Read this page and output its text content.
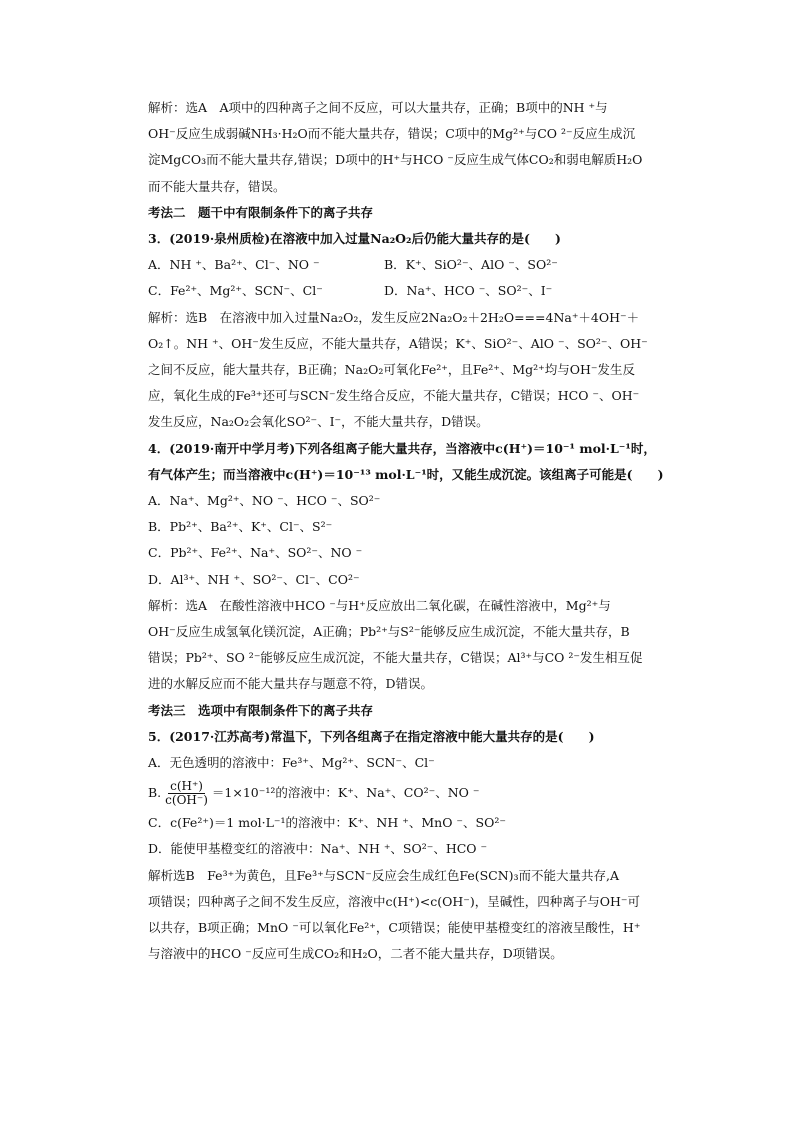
解析：选A　A项中的四种离子之间不反应，可以大量共存，正确；B项中的NH ⁺与

OH⁻反应生成弱碱NH₃·H₂O而不能大量共存，错误；C项中的Mg²⁺与CO ²⁻反应生成沉

淀MgCO₃而不能大量共存,错误；D项中的H⁺与HCO ⁻反应生成气体CO₂和弱电解质H₂O

而不能大量共存，错误。

考法二　题干中有限制条件下的离子共存

3．(2019·泉州质检)在溶液中加入过量Na₂O₂后仍能大量共存的是(　　)

A．NH ⁺、Ba²⁺、Cl⁻、NO ⁻	B．K⁺、SiO²⁻、AlO ⁻、SO²⁻
C．Fe²⁺、Mg²⁺、SCN⁻、Cl⁻	D．Na⁺、HCO ⁻、SO²⁻、I⁻

解析：选B　在溶液中加入过量Na₂O₂，发生反应2Na₂O₂＋2H₂O===4Na⁺＋4OH⁻＋

O₂↑。NH ⁺、OH⁻发生反应，不能大量共存，A错误；K⁺、SiO²⁻、AlO ⁻、SO²⁻、OH⁻

之间不反应，能大量共存，B正确；Na₂O₂可氧化Fe²⁺，且Fe²⁺、Mg²⁺均与OH⁻发生反

应，氧化生成的Fe³⁺还可与SCN⁻发生络合反应，不能大量共存，C错误；HCO ⁻、OH⁻

发生反应，Na₂O₂会氧化SO²⁻、I⁻，不能大量共存，D错误。

4．(2019·南开中学月考)下列各组离子能大量共存，当溶液中c(H⁺)＝10⁻¹ mol·L⁻¹时，

有气体产生；而当溶液中c(H⁺)＝10⁻¹³ mol·L⁻¹时，又能生成沉淀。该组离子可能是(　　)

A．Na⁺、Mg²⁺、NO ⁻、HCO ⁻、SO²⁻

B．Pb²⁺、Ba²⁺、K⁺、Cl⁻、S²⁻

C．Pb²⁺、Fe²⁺、Na⁺、SO²⁻、NO ⁻

D．Al³⁺、NH ⁺、SO²⁻、Cl⁻、CO²⁻

解析：选A　在酸性溶液中HCO ⁻与H⁺反应放出二氧化碳，在碱性溶液中，Mg²⁺与

OH⁻反应生成氢氧化镁沉淀，A正确；Pb²⁺与S²⁻能够反应生成沉淀，不能大量共存，B

错误；Pb²⁺、SO ²⁻能够反应生成沉淀，不能大量共存，C错误；Al³⁺与CO ²⁻发生相互促

进的水解反应而不能大量共存与题意不符，D错误。

考法三　选项中有限制条件下的离子共存

5．(2017·江苏高考)常温下，下列各组离子在指定溶液中能大量共存的是(　　)

A．无色透明的溶液中：Fe³⁺、Mg²⁺、SCN⁻、Cl⁻

B. $\frac{c(H^+)}{c(OH^-)} =1\times 10^{-12}$的溶液中：K⁺、Na⁺、CO²⁻、NO ⁻

C．c(Fe²⁺)＝1 mol·L⁻¹的溶液中：K⁺、NH ⁺、MnO ⁻、SO²⁻

D．能使甲基橙变红的溶液中：Na⁺、NH ⁺、SO²⁻、HCO ⁻

解析选B　Fe³⁺为黄色，且Fe³⁺与SCN⁻反应会生成红色Fe(SCN)₃而不能大量共存,A

项错误；四种离子之间不发生反应，溶液中c(H⁺)<c(OH⁻)，呈碱性，四种离子与OH⁻可

以共存，B项正确；MnO ⁻可以氧化Fe²⁺，C项错误；能使甲基橙变红的溶液呈酸性，H⁺

与溶液中的HCO ⁻反应可生成CO₂和H₂O，二者不能大量共存，D项错误。
